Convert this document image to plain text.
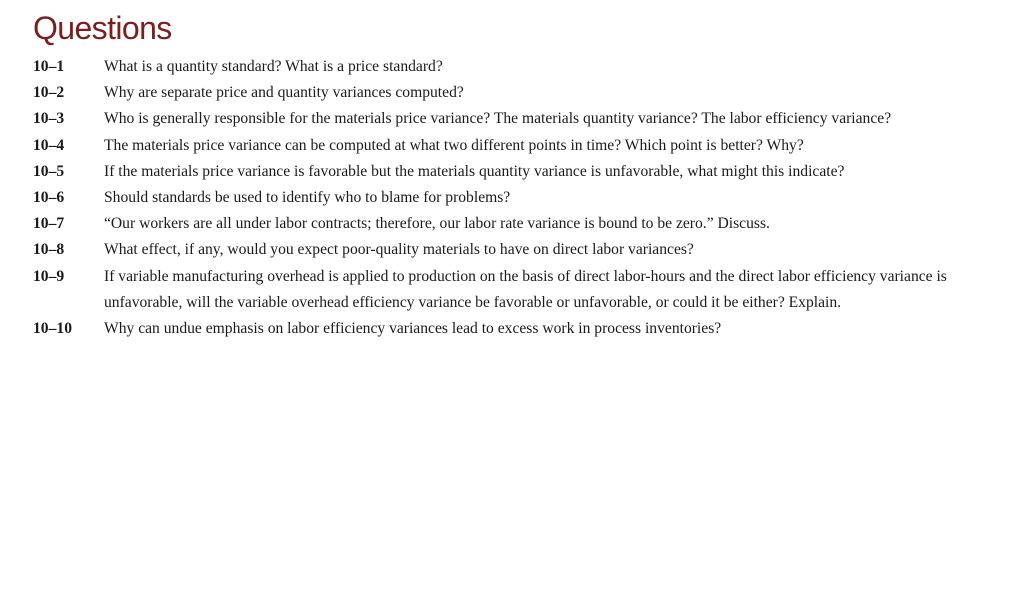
Questions
10–1	What is a quantity standard? What is a price standard?
10–2	Why are separate price and quantity variances computed?
10–3	Who is generally responsible for the materials price variance? The materials quantity variance? The labor efficiency variance?
10–4	The materials price variance can be computed at what two different points in time? Which point is better? Why?
10–5	If the materials price variance is favorable but the materials quantity variance is unfavorable, what might this indicate?
10–6	Should standards be used to identify who to blame for problems?
10–7	“Our workers are all under labor contracts; therefore, our labor rate variance is bound to be zero.” Discuss.
10–8	What effect, if any, would you expect poor-quality materials to have on direct labor variances?
10–9	If variable manufacturing overhead is applied to production on the basis of direct labor-hours and the direct labor efficiency variance is unfavorable, will the variable overhead efficiency variance be favorable or unfavorable, or could it be either? Explain.
10–10	Why can undue emphasis on labor efficiency variances lead to excess work in process inventories?
